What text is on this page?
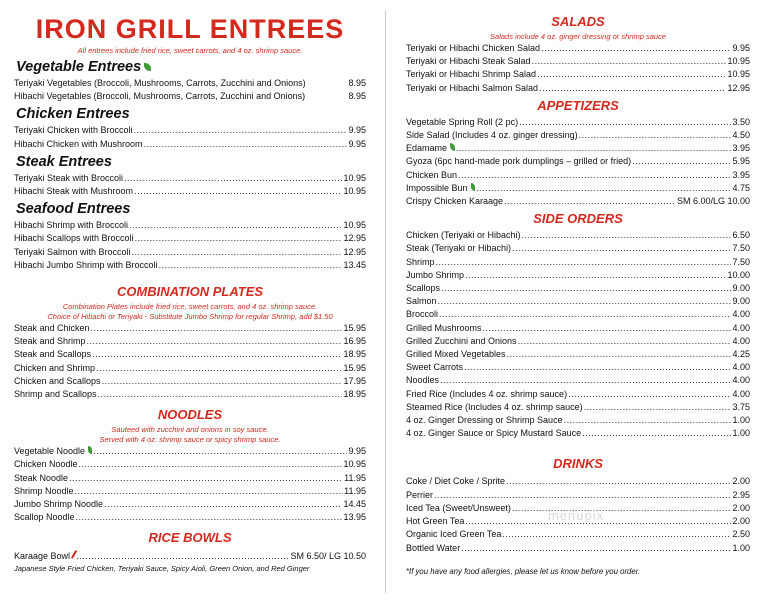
IRON GRILL ENTREES
All entrees include fried rice, sweet carrots, and 4 oz. shrimp sauce.
Vegetable Entrees
Teriyaki Vegetables (Broccoli, Mushrooms, Carrots, Zucchini and Onions)	8.95
Hibachi Vegetables (Broccoli, Mushrooms, Carrots, Zucchini and Onions)	8.95
Chicken Entrees
Teriyaki Chicken with Broccoli .....	9.95
Hibachi Chicken with Mushroom .....	9.95
Steak Entrees
Teriyaki Steak with Broccoli .....	10.95
Hibachi Steak with Mushroom .....	10.95
Seafood Entrees
Hibachi Shrimp with Broccoli .....	10.95
Hibachi Scallops with Broccoli .....	12.95
Teriyaki Salmon with Broccoli .....	12.95
Hibachi Jumbo Shrimp with Broccoli .....	13.45
COMBINATION PLATES
Combination Plates include fried rice, sweet carrots, and 4 oz. shrimp sauce.
Choice of Hibachi or Teriyaki - Substitute Jumbo Shrimp for regular Shrimp, add $1.50
Steak and Chicken .....	15.95
Steak and Shrimp .....	16.95
Steak and Scallops .....	18.95
Chicken and Shrimp .....	15.95
Chicken and Scallops .....	17.95
Shrimp and Scallops .....	18.95
NOODLES
Sauteed with zucchini and onions in soy sauce.
Served with 4 oz. shrimp sauce or spicy shrimp sauce.
Vegetable Noodle .....	9.95
Chicken Noodle .....	10.95
Steak Noodle .....	11.95
Shrimp Noodle .....	11.95
Jumbo Shrimp Noodle .....	14.45
Scallop Noodle .....	13.95
RICE BOWLS
Karaage Bowl .....	SM 6.50/ LG 10.50
Japanese Style Fried Chicken, Teriyaki Sauce, Spicy Aioli, Green Onion, and Red Ginger
SALADS
Salads include 4 oz. ginger dressing or shrimp sauce
Teriyaki or Hibachi Chicken Salad .....	9.95
Teriyaki or Hibachi Steak Salad .....	10.95
Teriyaki or Hibachi Shrimp Salad .....	10.95
Teriyaki or Hibachi Salmon Salad .....	12.95
APPETIZERS
Vegetable Spring Roll (2 pc) .....	3.50
Side Salad (Includes 4 oz. ginger dressing) .....	4.50
Edamame .....	3.95
Gyoza (6pc hand-made pork dumplings – grilled or fried) .....	5.95
Chicken Bun .....	3.95
Impossible Bun .....	4.75
Crispy Chicken Karaage .....	SM 6.00/LG 10.00
SIDE ORDERS
Chicken (Teriyaki or Hibachi) .....	6.50
Steak (Teriyaki or Hibachi) .....	7.50
Shrimp .....	7.50
Jumbo Shrimp .....	10.00
Scallops .....	9.00
Salmon .....	9.00
Broccoli .....	4.00
Grilled Mushrooms .....	4.00
Grilled Zucchini and Onions .....	4.00
Grilled Mixed Vegetables .....	4.25
Sweet Carrots .....	4.00
Noodles .....	4.00
Fried Rice (Includes 4 oz. shrimp sauce) .....	4.00
Steamed Rice (Includes 4 oz. shrimp sauce) .....	3.75
4 oz. Ginger Dressing or Shrimp Sauce .....	1.00
4 oz. Ginger Sauce or Spicy Mustard Sauce .....	1.00
DRINKS
Coke / Diet Coke / Sprite .....	2.00
Perrier .....	2.95
Iced Tea (Sweet/Unsweet) .....	2.00
Hot Green Tea .....	2.00
Organic Iced Green Tea .....	2.50
Bottled Water .....	1.00
*If you have any food allergies, please let us know before you order.
menupix
